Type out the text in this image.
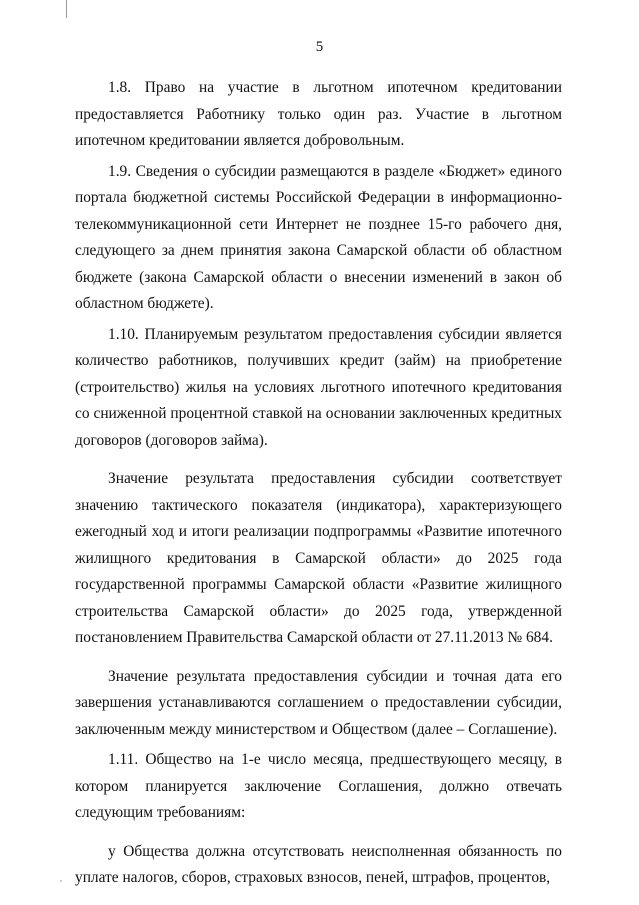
5

1.8. Право на участие в льготном ипотечном кредитовании предоставляется Работнику только один раз. Участие в льготном ипотечном кредитовании является добровольным.

1.9. Сведения о субсидии размещаются в разделе «Бюджет» единого портала бюджетной системы Российской Федерации в информационно-телекоммуникационной сети Интернет не позднее 15-го рабочего дня, следующего за днем принятия закона Самарской области об областном бюджете (закона Самарской области о внесении изменений в закон об областном бюджете).

1.10. Планируемым результатом предоставления субсидии является количество работников, получивших кредит (займ) на приобретение (строительство) жилья на условиях льготного ипотечного кредитования со сниженной процентной ставкой на основании заключенных кредитных договоров (договоров займа).

Значение результата предоставления субсидии соответствует значению тактического показателя (индикатора), характеризующего ежегодный ход и итоги реализации подпрограммы «Развитие ипотечного жилищного кредитования в Самарской области» до 2025 года государственной программы Самарской области «Развитие жилищного строительства Самарской области» до 2025 года, утвержденной постановлением Правительства Самарской области от 27.11.2013 № 684.

Значение результата предоставления субсидии и точная дата его завершения устанавливаются соглашением о предоставлении субсидии, заключенным между министерством и Обществом (далее – Соглашение).

1.11. Общество на 1-е число месяца, предшествующего месяцу, в котором планируется заключение Соглашения, должно отвечать следующим требованиям:

у Общества должна отсутствовать неисполненная обязанность по уплате налогов, сборов, страховых взносов, пеней, штрафов, процентов,
